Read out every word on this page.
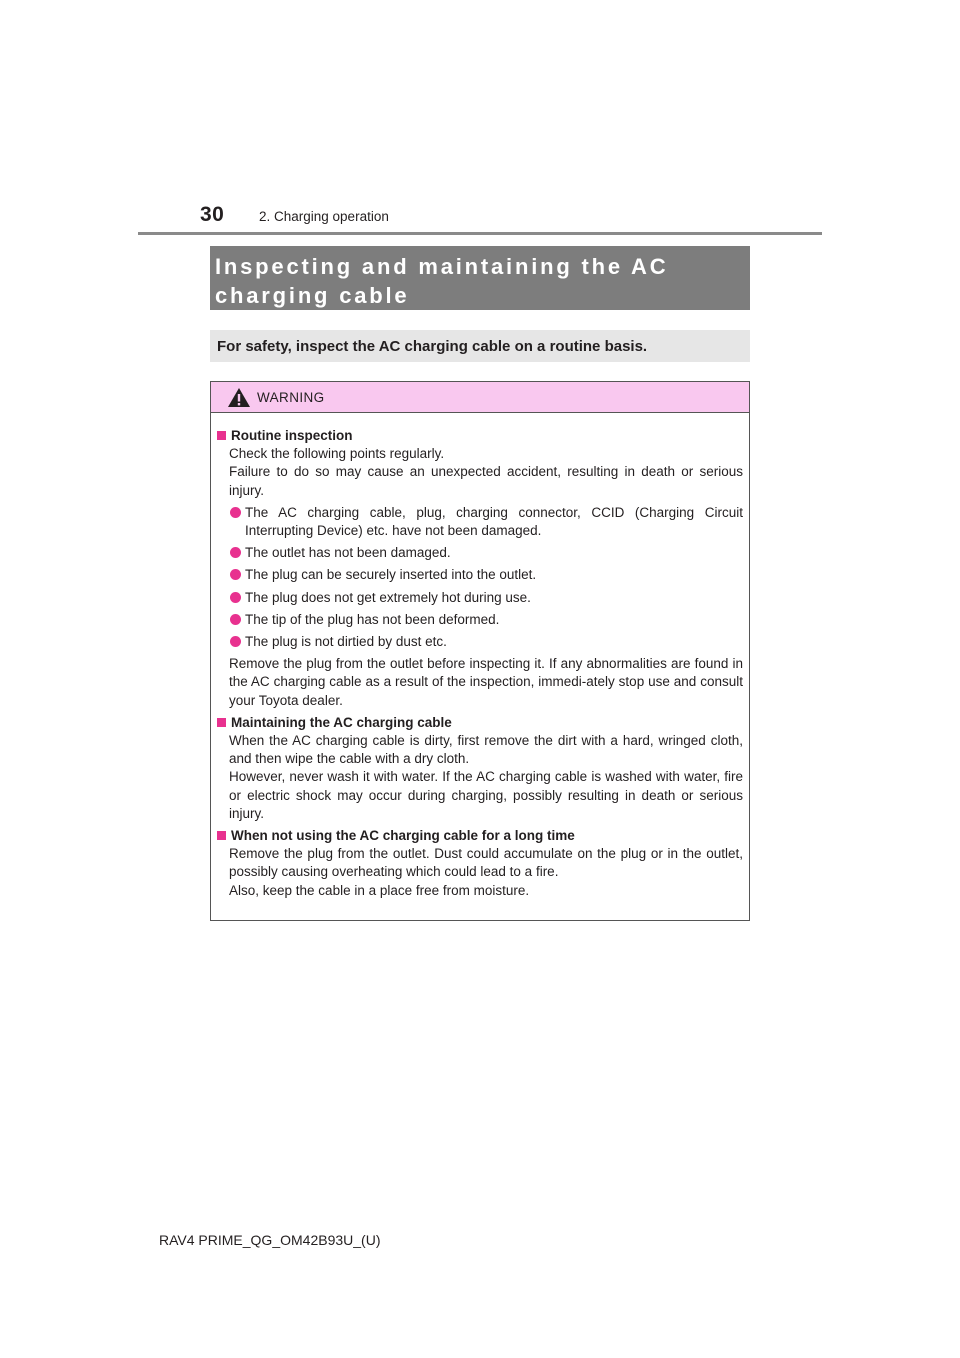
30	2. Charging operation
Inspecting and maintaining the AC
charging cable
For safety, inspect the AC charging cable on a routine basis.
WARNING
Routine inspection

Check the following points regularly.

Failure to do so may cause an unexpected accident, resulting in death or serious injury.

The AC charging cable, plug, charging connector, CCID (Charging Circuit Interrupting Device) etc. have not been damaged.
The outlet has not been damaged.
The plug can be securely inserted into the outlet.
The plug does not get extremely hot during use.
The tip of the plug has not been deformed.
The plug is not dirtied by dust etc.

Remove the plug from the outlet before inspecting it. If any abnormalities are found in the AC charging cable as a result of the inspection, immedi-ately stop use and consult your Toyota dealer.

Maintaining the AC charging cable

When the AC charging cable is dirty, first remove the dirt with a hard, wringed cloth, and then wipe the cable with a dry cloth.

However, never wash it with water. If the AC charging cable is washed with water, fire or electric shock may occur during charging, possibly resulting in death or serious injury.

When not using the AC charging cable for a long time

Remove the plug from the outlet. Dust could accumulate on the plug or in the outlet, possibly causing overheating which could lead to a fire.

Also, keep the cable in a place free from moisture.

RAV4 PRIME_QG_OM42B93U_(U)
